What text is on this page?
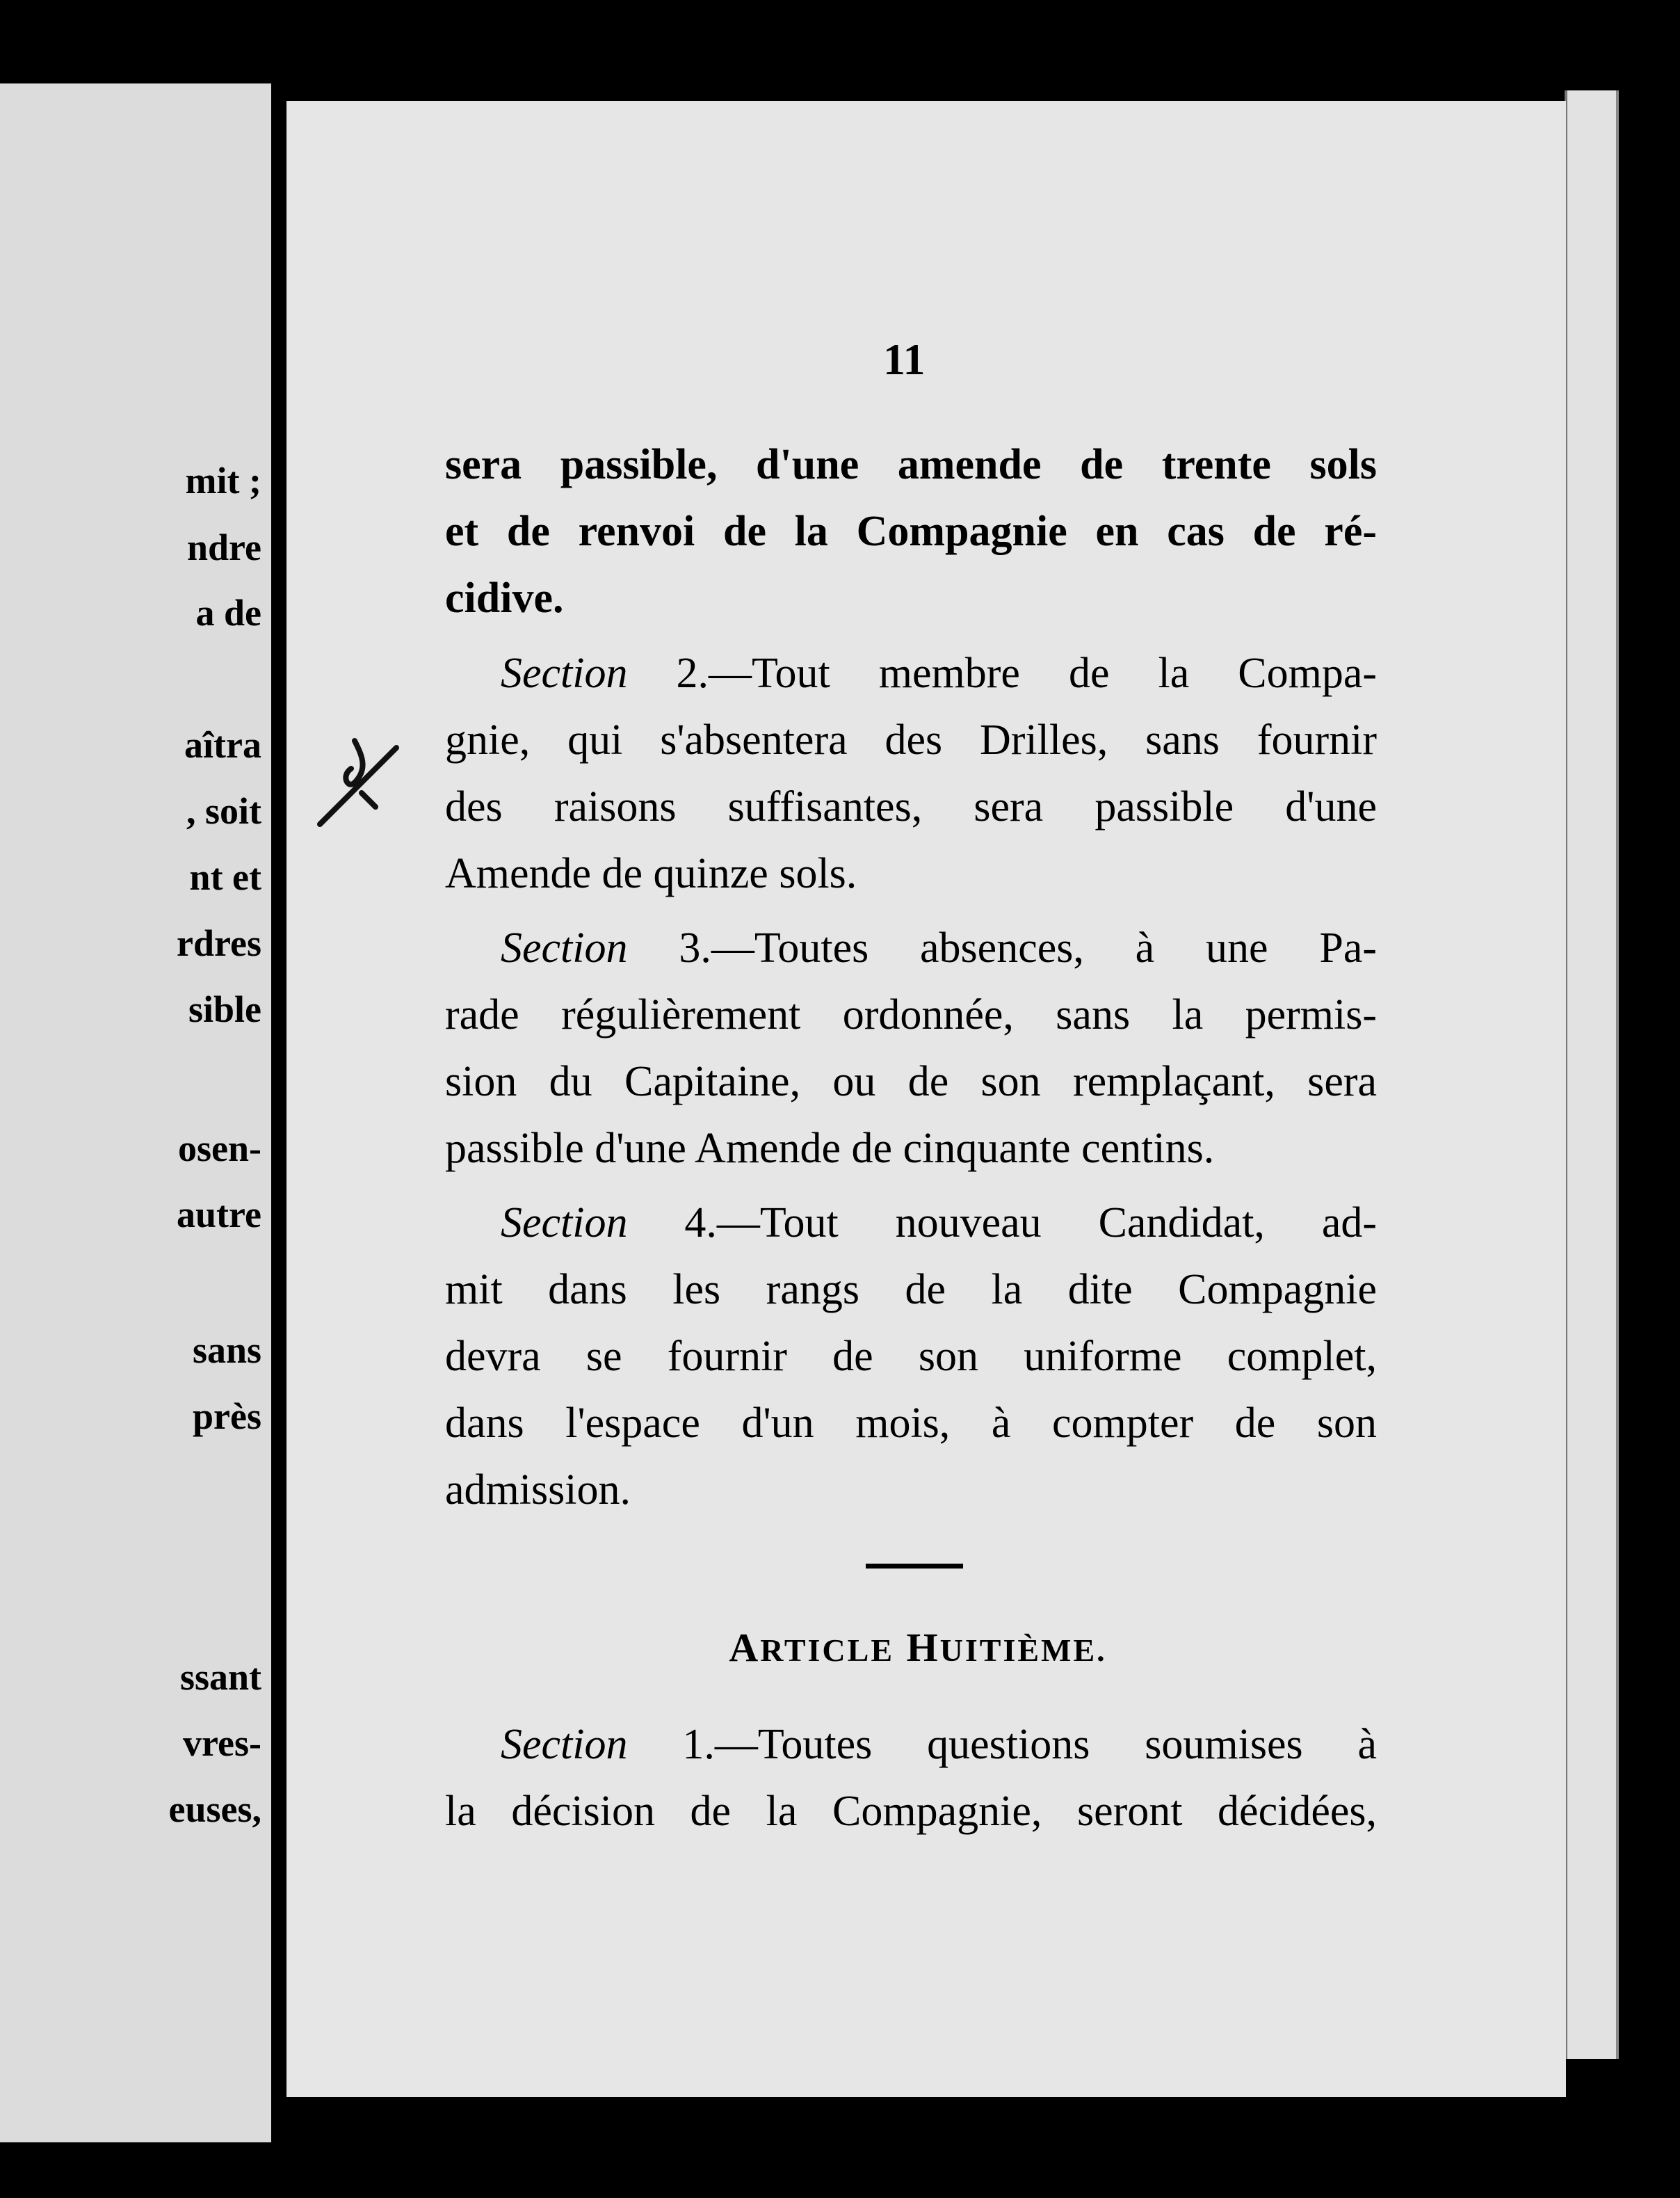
mit ;
ndre
a de
aîtra
, soit
nt et
rdres
sible
osen-
autre
sans
près
ssant
vres-
euses,
11
sera passible, d'une amende de trente sols
et de renvoi de la Compagnie en cas de ré-
cidive.
Section 2.—Tout membre de la Compa-
gnie, qui s'absentera des Drilles, sans fournir
des raisons suffisantes, sera passible d'une
Amende de quinze sols.
Section 3.—Toutes absences, à une Pa-
rade régulièrement ordonnée, sans la permis-
sion du Capitaine, ou de son remplaçant, sera
passible d'une Amende de cinquante centins.
Section 4.—Tout nouveau Candidat, ad-
mit dans les rangs de la dite Compagnie
devra se fournir de son uniforme complet,
dans l'espace d'un mois, à compter de son
admission.
ARTICLE HUITIÈME.
Section 1.—Toutes questions soumises à
la décision de la Compagnie, seront décidées,
